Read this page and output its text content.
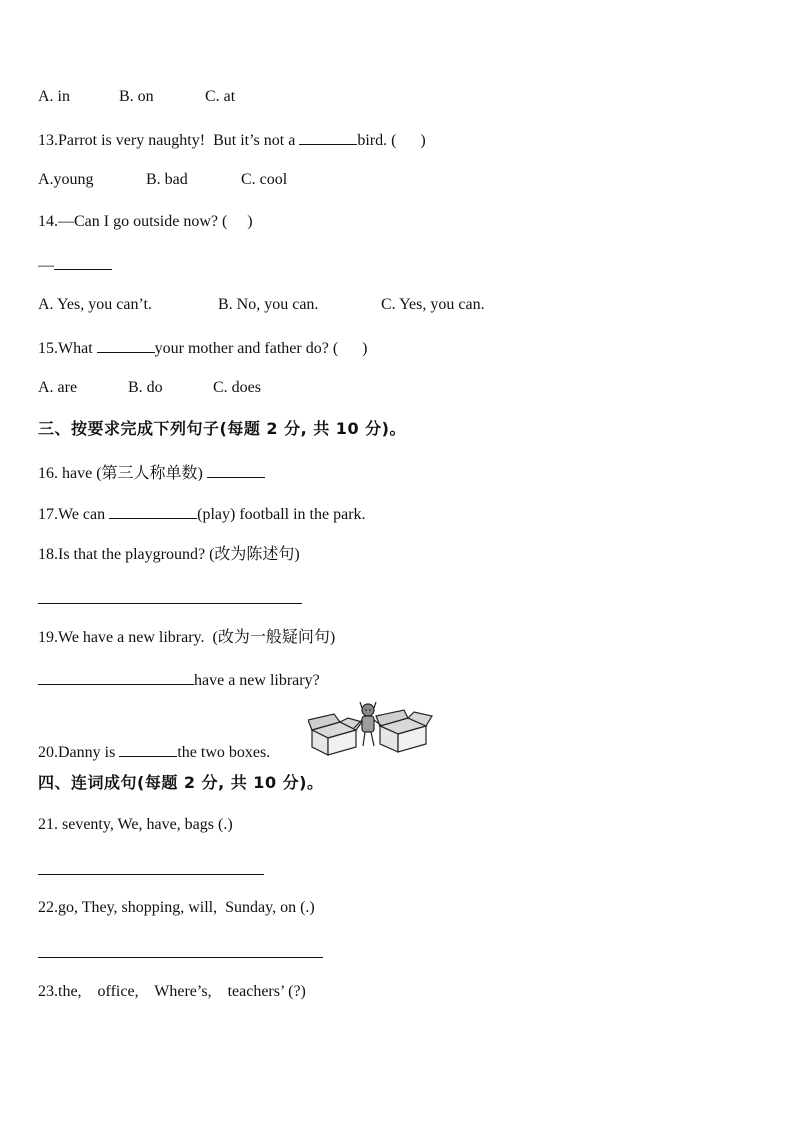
A. in	B. on	C. at
13.Parrot is very naughty!  But it’s not a	bird. (      )
A.young	B. bad	C. cool
14.—Can I go outside now? (     )
—
A. Yes, you can’t.	B. No, you can.	C. Yes, you can.
15.What	your mother and father do? (      )
A. are	B. do	C. does
三、按要求完成下列句子(每题 2 分, 共 10 分)。
16. have (第三人称单数)
17.We can	(play) football in the park.
18.Is that the playground? (改为陈述句)
19.We have a new library.  (改为一般疑问句)
have a new library?
20.Danny is	the two boxes.
四、连词成句(每题 2 分, 共 10 分)。
21. seventy, We, have, bags (.)
22.go, They, shopping, will,  Sunday, on (.)
23.the,    office,    Where’s,    teachers’ (?)
